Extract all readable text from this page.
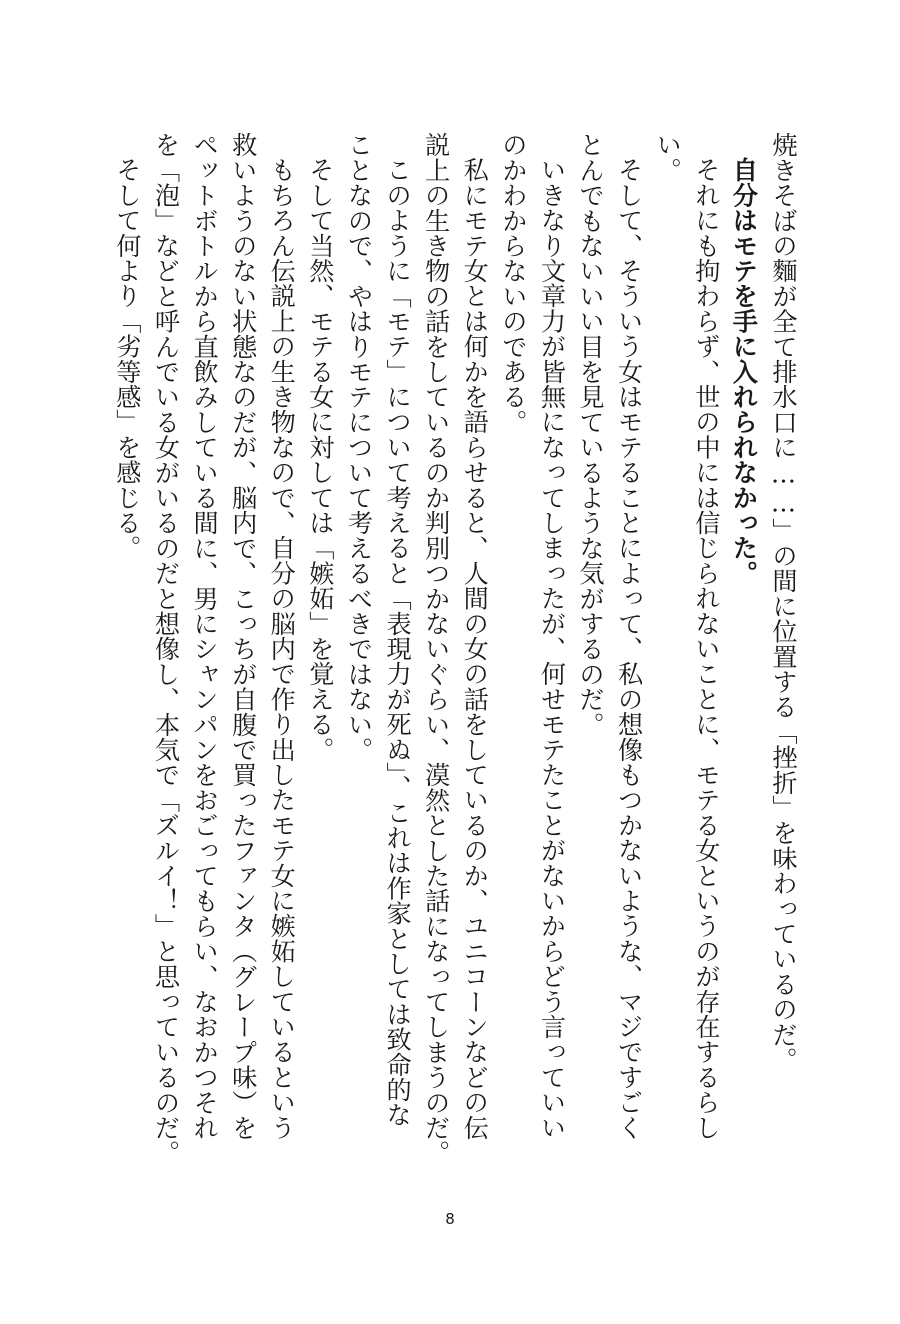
焼きそばの麵が全て排水口に……」の間に位置する「挫折」を味わっているのだ。
自分はモテを手に入れられなかった。
それにも拘わらず、世の中には信じられないことに、モテる女というのが存在するらし
い。
そして、そういう女はモテることによって、私の想像もつかないような、マジですごく
とんでもないいい目を見ているような気がするのだ。
いきなり文章力が皆無になってしまったが、何せモテたことがないからどう言っていい
のかわからないのである。
私にモテ女とは何かを語らせると、人間の女の話をしているのか、ユニコーンなどの伝
説上の生き物の話をしているのか判別つかないぐらい、漠然とした話になってしまうのだ。
このように「モテ」について考えると「表現力が死ぬ」、これは作家としては致命的な
ことなので、やはりモテについて考えるべきではない。
そして当然、モテる女に対しては「嫉妬」を覚える。
もちろん伝説上の生き物なので、自分の脳内で作り出したモテ女に嫉妬しているという
救いようのない状態なのだが、脳内で、こっちが自腹で買ったファンタ（グレープ味）を
ペットボトルから直飲みしている間に、男にシャンパンをおごってもらい、なおかつそれ
を「泡」などと呼んでいる女がいるのだと想像し、本気で「ズルイ！」と思っているのだ。
そして何より「劣等感」を感じる。
8
